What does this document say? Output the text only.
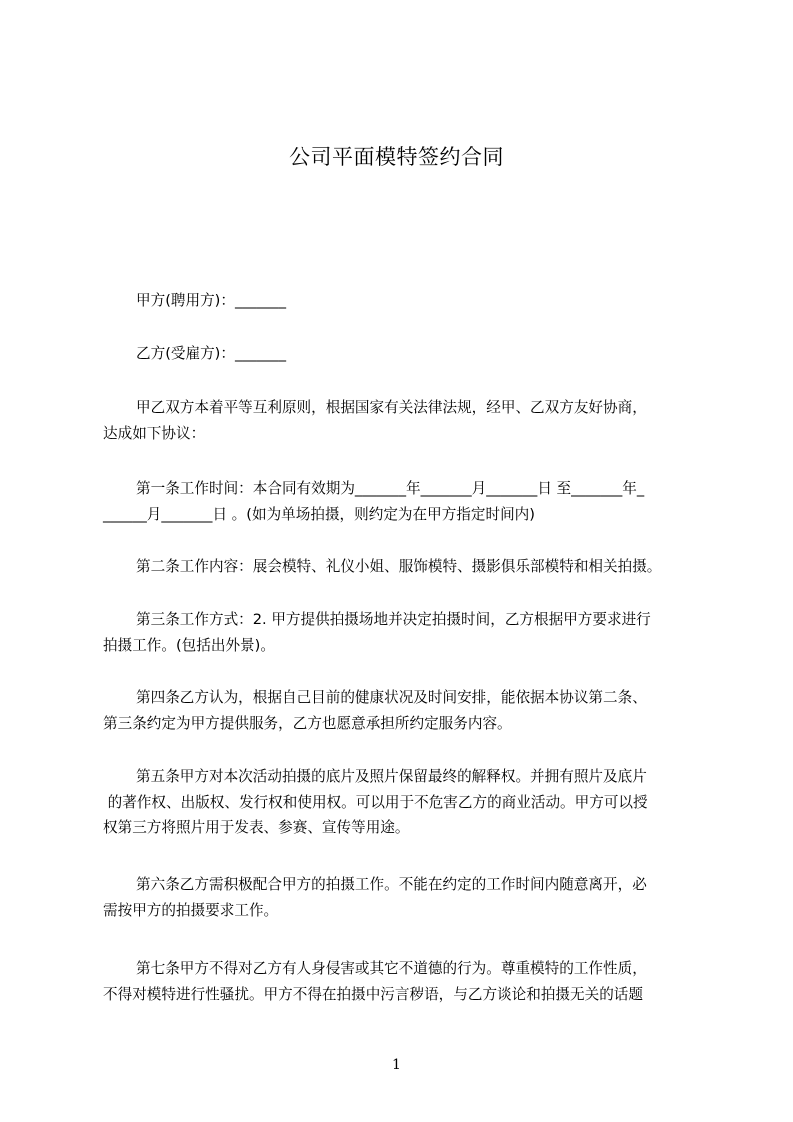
公司平面模特签约合同
甲方(聘用方)：_______
乙方(受雇方)：_______
甲乙双方本着平等互利原则，根据国家有关法律法规，经甲、乙双方友好协商，
达成如下协议：
第一条工作时间：本合同有效期为_______年_______月_______日 至_______年_
______月_______日 。(如为单场拍摄，则约定为在甲方指定时间内)
第二条工作内容：展会模特、礼仪小姐、服饰模特、摄影俱乐部模特和相关拍摄。
第三条工作方式：2. 甲方提供拍摄场地并决定拍摄时间，乙方根据甲方要求进行
拍摄工作。(包括出外景)。
第四条乙方认为，根据自己目前的健康状况及时间安排，能依据本协议第二条、
第三条约定为甲方提供服务，乙方也愿意承担所约定服务内容。
第五条甲方对本次活动拍摄的底片及照片保留最终的解释权。并拥有照片及底片
的著作权、出版权、发行权和使用权。可以用于不危害乙方的商业活动。甲方可以授
权第三方将照片用于发表、参赛、宣传等用途。
第六条乙方需积极配合甲方的拍摄工作。不能在约定的工作时间内随意离开，必
需按甲方的拍摄要求工作。
第七条甲方不得对乙方有人身侵害或其它不道德的行为。尊重模特的工作性质，
不得对模特进行性骚扰。甲方不得在拍摄中污言秽语，与乙方谈论和拍摄无关的话题
1
